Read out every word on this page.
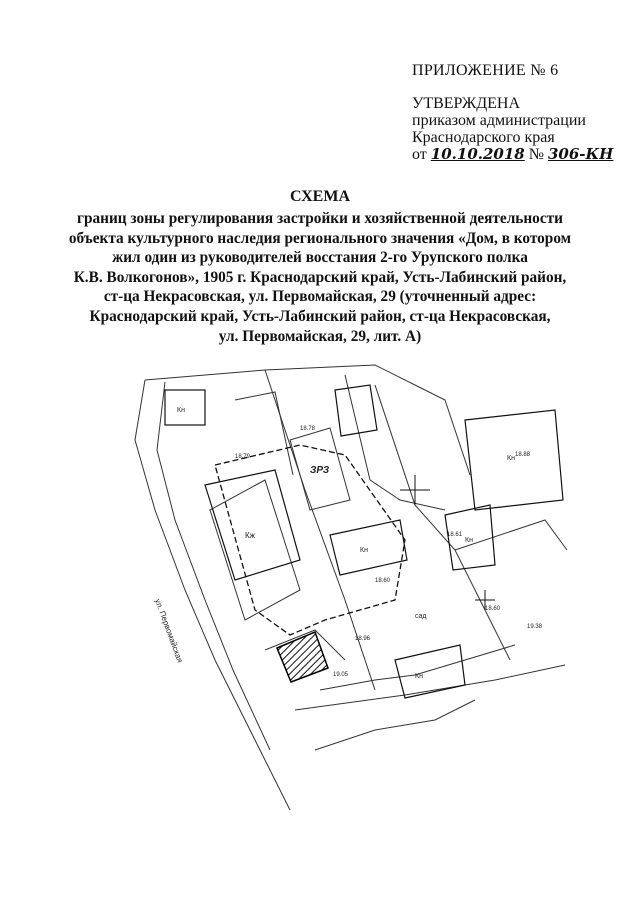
ПРИЛОЖЕНИЕ № 6
УТВЕРЖДЕНА
приказом администрации
Краснодарского края
от 10.10.2018 № 306-КН
СХЕМА
границ зоны регулирования застройки и хозяйственной деятельности
объекта культурного наследия регионального значения «Дом, в котором
жил один из руководителей восстания 2-го Урупского полка
К.В. Волкогонов», 1905 г. Краснодарский край, Усть-Лабинский район,
ст-ца Некрасовская, ул. Первомайская, 29 (уточненный адрес:
Краснодарский край, Усть-Лабинский район, ст-ца Некрасовская,
ул. Первомайская, 29, лит. А)
ЗРЗ
ул. Первомайская
Кж
Кн
Кн
Кн
Кн
Кн
сад
18.78
18.79
18.60
18.61
18.60
18.96
19.05
19.38
18.88
